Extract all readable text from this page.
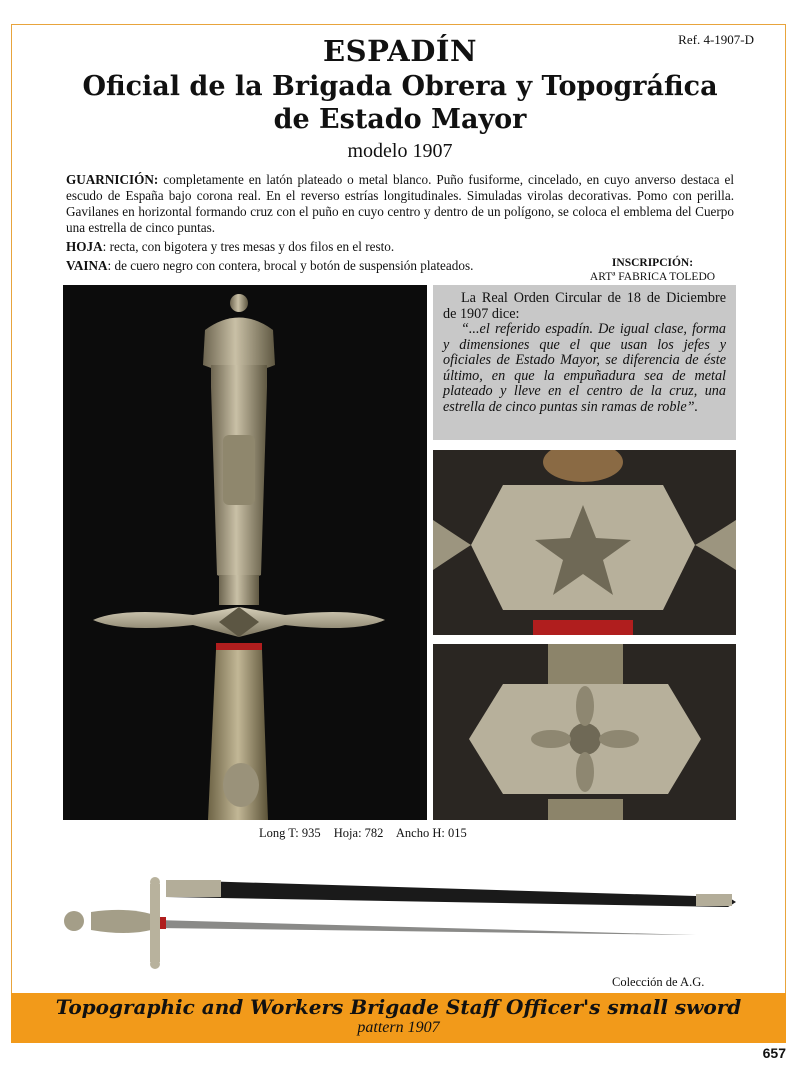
Ref. 4-1907-D
ESPADÍN
Oficial de la Brigada Obrera y Topográfica
de Estado Mayor
modelo 1907

GUARNICIÓN: completamente en latón plateado o metal blanco. Puño fusiforme, cincelado, en cuyo anverso destaca el escudo de España bajo corona real. En el reverso estrías longitudinales. Simuladas virolas decorativas. Pomo con perilla. Gavilanes en horizontal formando cruz con el puño en cuyo centro y dentro de un polígono, se coloca el emblema del Cuerpo una estrella de cinco puntas.

HOJA: recta, con bigotera y tres mesas y dos filos en el resto.

VAINA: de cuero negro con contera, brocal y botón de suspensión plateados.	INSCRIPCIÓN:
ARTª FABRICA TOLEDO

La Real Orden Circular de 18 de Diciembre de 1907 dice:

“...el referido espadín. De igual clase, forma y dimensiones que el que usan los jefes y oficiales de Estado Mayor, se diferencia de éste último, en que la empuñadura sea de metal plateado y lleve en el centro de la cruz, una estrella de cinco puntas sin ramas de roble”.

Long T: 935 Hoja: 782 Ancho H: 015
Colección de A.G.
Topographic and Workers Brigade Staff Officer's small sword
pattern 1907
657
